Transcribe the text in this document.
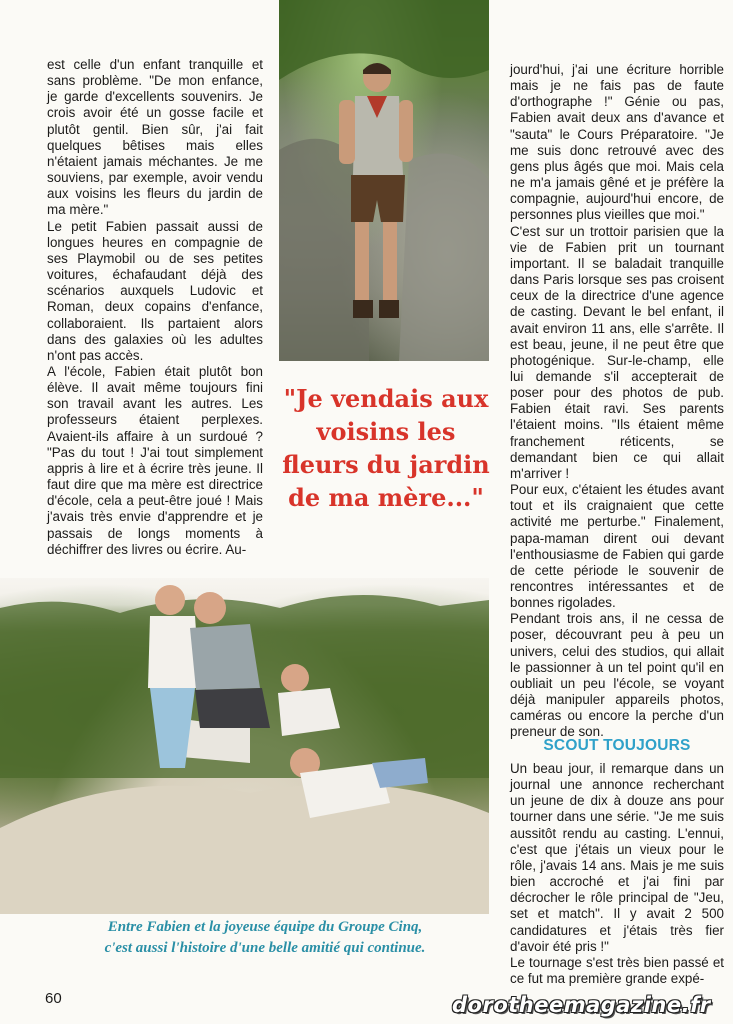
est celle d'un enfant tranquille et sans problème. "De mon enfance, je garde d'excellents souvenirs. Je crois avoir été un gosse facile et plutôt gentil. Bien sûr, j'ai fait quelques bêtises mais elles n'étaient jamais méchantes. Je me souviens, par exemple, avoir vendu aux voisins les fleurs du jardin de ma mère."

Le petit Fabien passait aussi de longues heures en compagnie de ses Playmobil ou de ses petites voitures, échafaudant déjà des scénarios auxquels Ludovic et Roman, deux copains d'enfance, collaboraient. Ils partaient alors dans des galaxies où les adultes n'ont pas accès.

A l'école, Fabien était plutôt bon élève. Il avait même toujours fini son travail avant les autres. Les professeurs étaient perplexes. Avaient-ils affaire à un surdoué ? "Pas du tout ! J'ai tout simplement appris à lire et à écrire très jeune. Il faut dire que ma mère est directrice d'école, cela a peut-être joué ! Mais j'avais très envie d'apprendre et je passais de longs moments à déchiffrer des livres ou écrire. Au-

"Je vendais aux voisins les fleurs du jardin de ma mère..."

jourd'hui, j'ai une écriture horrible mais je ne fais pas de faute d'orthographe !" Génie ou pas, Fabien avait deux ans d'avance et "sauta" le Cours Préparatoire. "Je me suis donc retrouvé avec des gens plus âgés que moi. Mais cela ne m'a jamais gêné et je préfère la compagnie, aujourd'hui encore, de personnes plus vieilles que moi."

C'est sur un trottoir parisien que la vie de Fabien prit un tournant important. Il se baladait tranquille dans Paris lorsque ses pas croisent ceux de la directrice d'une agence de casting. Devant le bel enfant, il avait environ 11 ans, elle s'arrête. Il est beau, jeune, il ne peut être que photogénique. Sur-le-champ, elle lui demande s'il accepterait de poser pour des photos de pub. Fabien était ravi. Ses parents l'étaient moins. "Ils étaient même franchement réticents, se demandant bien ce qui allait m'arriver !

Pour eux, c'étaient les études avant tout et ils craignaient que cette activité me perturbe." Finalement, papa-maman dirent oui devant l'enthousiasme de Fabien qui garde de cette période le souvenir de rencontres intéressantes et de bonnes rigolades.

Pendant trois ans, il ne cessa de poser, découvrant peu à peu un univers, celui des studios, qui allait le passionner à un tel point qu'il en oubliait un peu l'école, se voyant déjà manipuler appareils photos, caméras ou encore la perche d'un preneur de son.

Entre Fabien et la joyeuse équipe du Groupe Cinq, c'est aussi l'histoire d'une belle amitié qui continue.

SCOUT TOUJOURS

Un beau jour, il remarque dans un journal une annonce recherchant un jeune de dix à douze ans pour tourner dans une série. "Je me suis aussitôt rendu au casting. L'ennui, c'est que j'étais un vieux pour le rôle, j'avais 14 ans. Mais je me suis bien accroché et j'ai fini par décrocher le rôle principal de "Jeu, set et match". Il y avait 2 500 candidatures et j'étais très fier d'avoir été pris !"

Le tournage s'est très bien passé et ce fut ma première grande expé-

60	dorotheemagazine.fr
